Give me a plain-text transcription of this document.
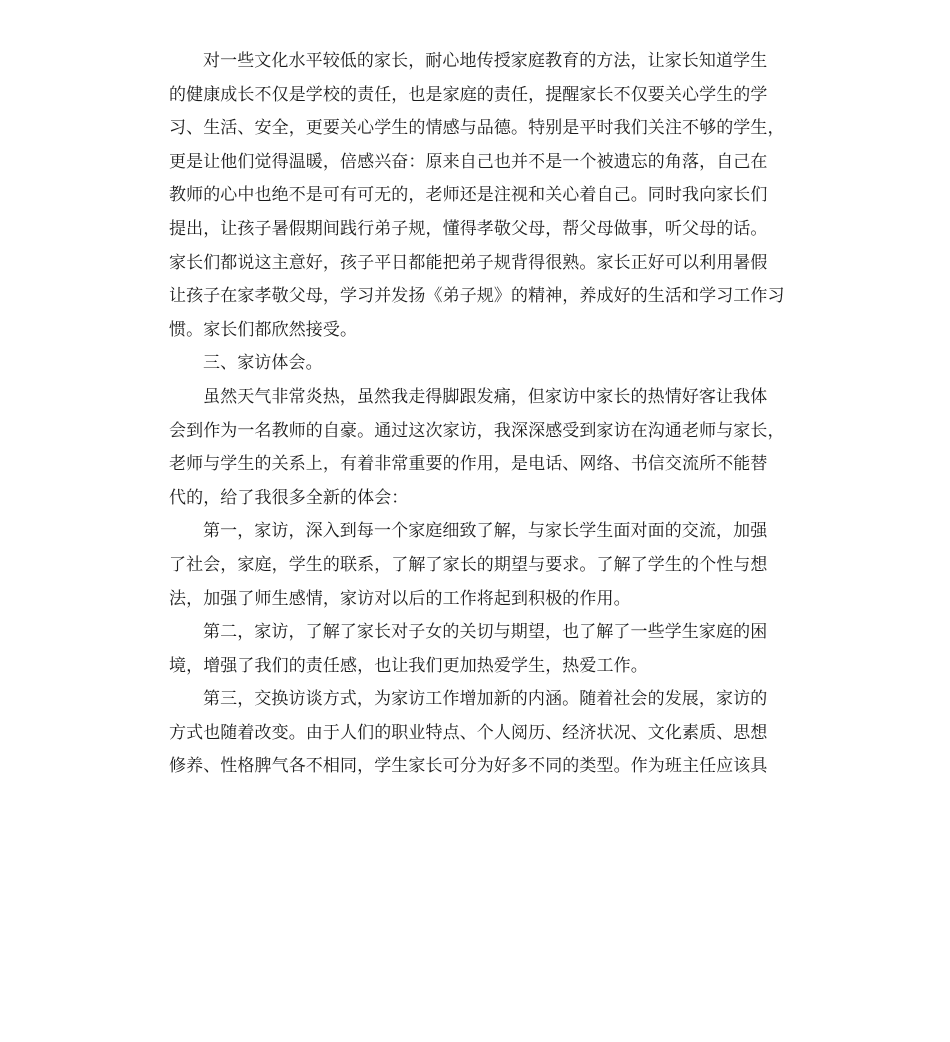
对一些文化水平较低的家长，耐心地传授家庭教育的方法，让家长知道学生
的健康成长不仅是学校的责任，也是家庭的责任，提醒家长不仅要关心学生的学
习、生活、安全，更要关心学生的情感与品德。特别是平时我们关注不够的学生，
更是让他们觉得温暖，倍感兴奋：原来自己也并不是一个被遗忘的角落，自己在
教师的心中也绝不是可有可无的，老师还是注视和关心着自己。同时我向家长们
提出，让孩子暑假期间践行弟子规，懂得孝敬父母，帮父母做事，听父母的话。
家长们都说这主意好，孩子平日都能把弟子规背得很熟。家长正好可以利用暑假
让孩子在家孝敬父母，学习并发扬《弟子规》的精神，养成好的生活和学习工作习
惯。家长们都欣然接受。
三、家访体会。
虽然天气非常炎热，虽然我走得脚跟发痛，但家访中家长的热情好客让我体
会到作为一名教师的自豪。通过这次家访，我深深感受到家访在沟通老师与家长，
老师与学生的关系上，有着非常重要的作用，是电话、网络、书信交流所不能替
代的，给了我很多全新的体会：
第一，家访，深入到每一个家庭细致了解，与家长学生面对面的交流，加强
了社会，家庭，学生的联系，了解了家长的期望与要求。了解了学生的个性与想
法，加强了师生感情，家访对以后的工作将起到积极的作用。
第二，家访，了解了家长对子女的关切与期望，也了解了一些学生家庭的困
境，增强了我们的责任感，也让我们更加热爱学生，热爱工作。
第三，交换访谈方式，为家访工作增加新的内涵。随着社会的发展，家访的
方式也随着改变。由于人们的职业特点、个人阅历、经济状况、文化素质、思想
修养、性格脾气各不相同，学生家长可分为好多不同的类型。作为班主任应该具
